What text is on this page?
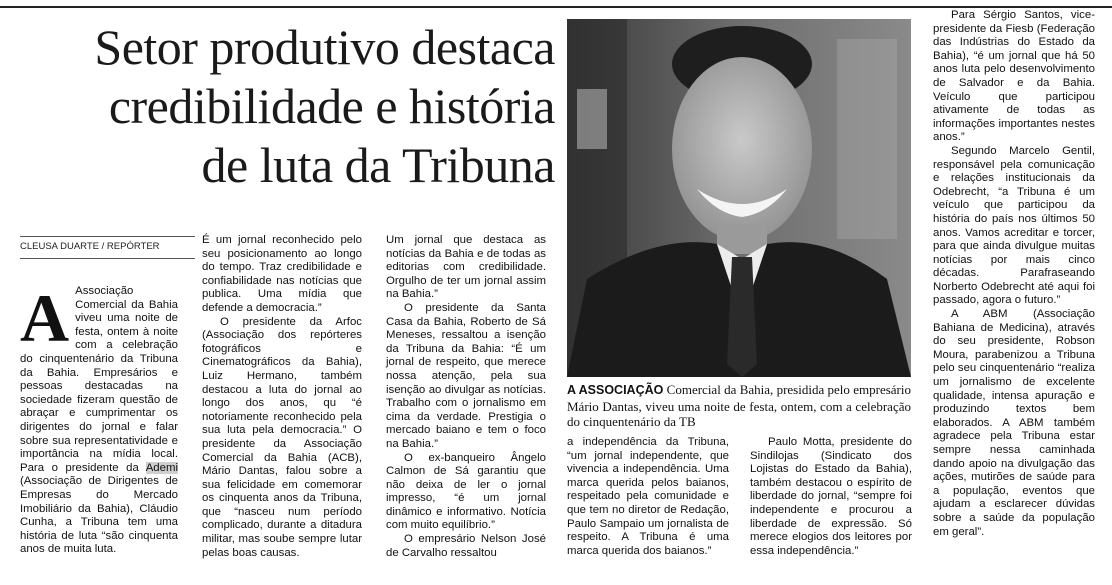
Setor produtivo destaca
credibilidade e história
de luta da Tribuna
CLEUSA DUARTE / REPÓRTER

A Associação Comercial da Bahia viveu uma noite de festa, ontem à noite com a celebração do cinquentenário da Tribuna da Bahia. Empresários e pessoas destacadas na sociedade fizeram questão de abraçar e cumprimentar os dirigentes do jornal e falar sobre sua representatividade e importância na mídia local. Para o presidente da Ademi (Associação de Dirigentes de Empresas do Mercado Imobiliário da Bahia), Cláudio Cunha, a Tribuna tem uma história de luta “são cinquenta anos de muita luta.

É um jornal reconhecido pelo seu posicionamento ao longo do tempo. Traz credibilidade e confiabilidade nas notícias que publica. Uma mídia que defende a democracia.”

O presidente da Arfoc (Associação dos repórteres fotográficos e Cinematográficos da Bahia), Luiz Hermano, também destacou a luta do jornal ao longo dos anos, qu “é notoriamente reconhecido pela sua luta pela democracia.” O presidente da Associação Comercial da Bahia (ACB), Mário Dantas, falou sobre a sua felicidade em comemorar os cinquenta anos da Tribuna, que “nasceu num período complicado, durante a ditadura militar, mas soube sempre lutar pelas boas causas.

Um jornal que destaca as notícias da Bahia e de todas as editorias com credibilidade. Orgulho de ter um jornal assim na Bahia.”

O presidente da Santa Casa da Bahia, Roberto de Sá Meneses, ressaltou a isenção da Tribuna da Bahia: “É um jornal de respeito, que merece nossa atenção, pela sua isenção ao divulgar as notícias. Trabalho com o jornalismo em cima da verdade. Prestigia o mercado baiano e tem o foco na Bahia.”

O ex-banqueiro Ângelo Calmon de Sá garantiu que não deixa de ler o jornal impresso, “é um jornal dinâmico e informativo. Notícia com muito equilíbrio.”

O empresário Nelson José de Carvalho ressaltou

A ASSOCIAÇÃO Comercial da Bahia, presidida pelo empresário Mário Dantas, viveu uma noite de festa, ontem, com a celebração do cinquentenário da TB

a independência da Tribuna, “um jornal independente, que vivencia a independência. Uma marca querida pelos baianos, respeitado pela comunidade e que tem no diretor de Redação, Paulo Sampaio um jornalista de respeito. A Tribuna é uma marca querida dos baianos.”

Paulo Motta, presidente do Sindilojas (Sindicato dos Lojistas do Estado da Bahia), também destacou o espírito de liberdade do jornal, “sempre foi independente e procurou a liberdade de expressão. Só merece elogios dos leitores por essa independência.”

Para Sérgio Santos, vice-presidente da Fiesb (Federação das Indústrias do Estado da Bahia), “é um jornal que há 50 anos luta pelo desenvolvimento de Salvador e da Bahia. Veículo que participou ativamente de todas as informações importantes nestes anos.”

Segundo Marcelo Gentil, responsável pela comunicação e relações institucionais da Odebrecht, “a Tribuna é um veículo que participou da história do país nos últimos 50 anos. Vamos acreditar e torcer, para que ainda divulgue muitas notícias por mais cinco décadas. Parafraseando Norberto Odebrecht até aqui foi passado, agora o futuro.”

A ABM (Associação Bahiana de Medicina), através do seu presidente, Robson Moura, parabenizou a Tribuna pelo seu cinquentenário “realiza um jornalismo de excelente qualidade, intensa apuração e produzindo textos bem elaborados. A ABM também agradece pela Tribuna estar sempre nessa caminhada dando apoio na divulgação das ações, mutirões de saúde para a população, eventos que ajudam a esclarecer dúvidas sobre a saúde da população em geral”.
